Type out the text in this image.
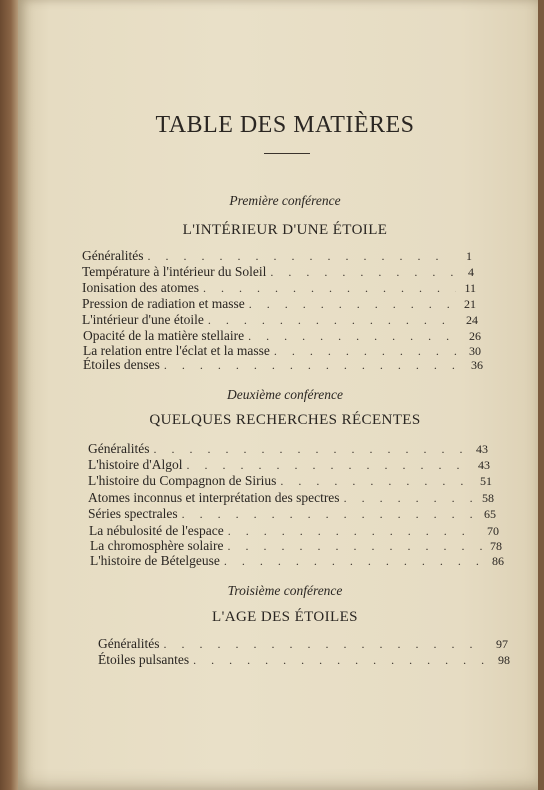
TABLE DES MATIÈRES
Première conférence
L'INTÉRIEUR D'UNE ÉTOILE
Généralités . . .	1
Température à l'intérieur du Soleil . . .	4
Ionisation des atomes . . .	11
Pression de radiation et masse . . .	21
L'intérieur d'une étoile . . .	24
Opacité de la matière stellaire . . .	26
La relation entre l'éclat et la masse . . .	30
Étoiles denses . . .	36
Deuxième conférence
QUELQUES RECHERCHES RÉCENTES
Généralités . . .	43
L'histoire d'Algol . . .	43
L'histoire du Compagnon de Sirius . . .	51
Atomes inconnus et interprétation des spectres . . .	58
Séries spectrales . . .	65
La nébulosité de l'espace . . .	70
La chromosphère solaire . . .	78
L'histoire de Bételgeuse . . .	86
Troisième conférence
L'AGE DES ÉTOILES
Généralités . . .	97
Étoiles pulsantes . . .	98
